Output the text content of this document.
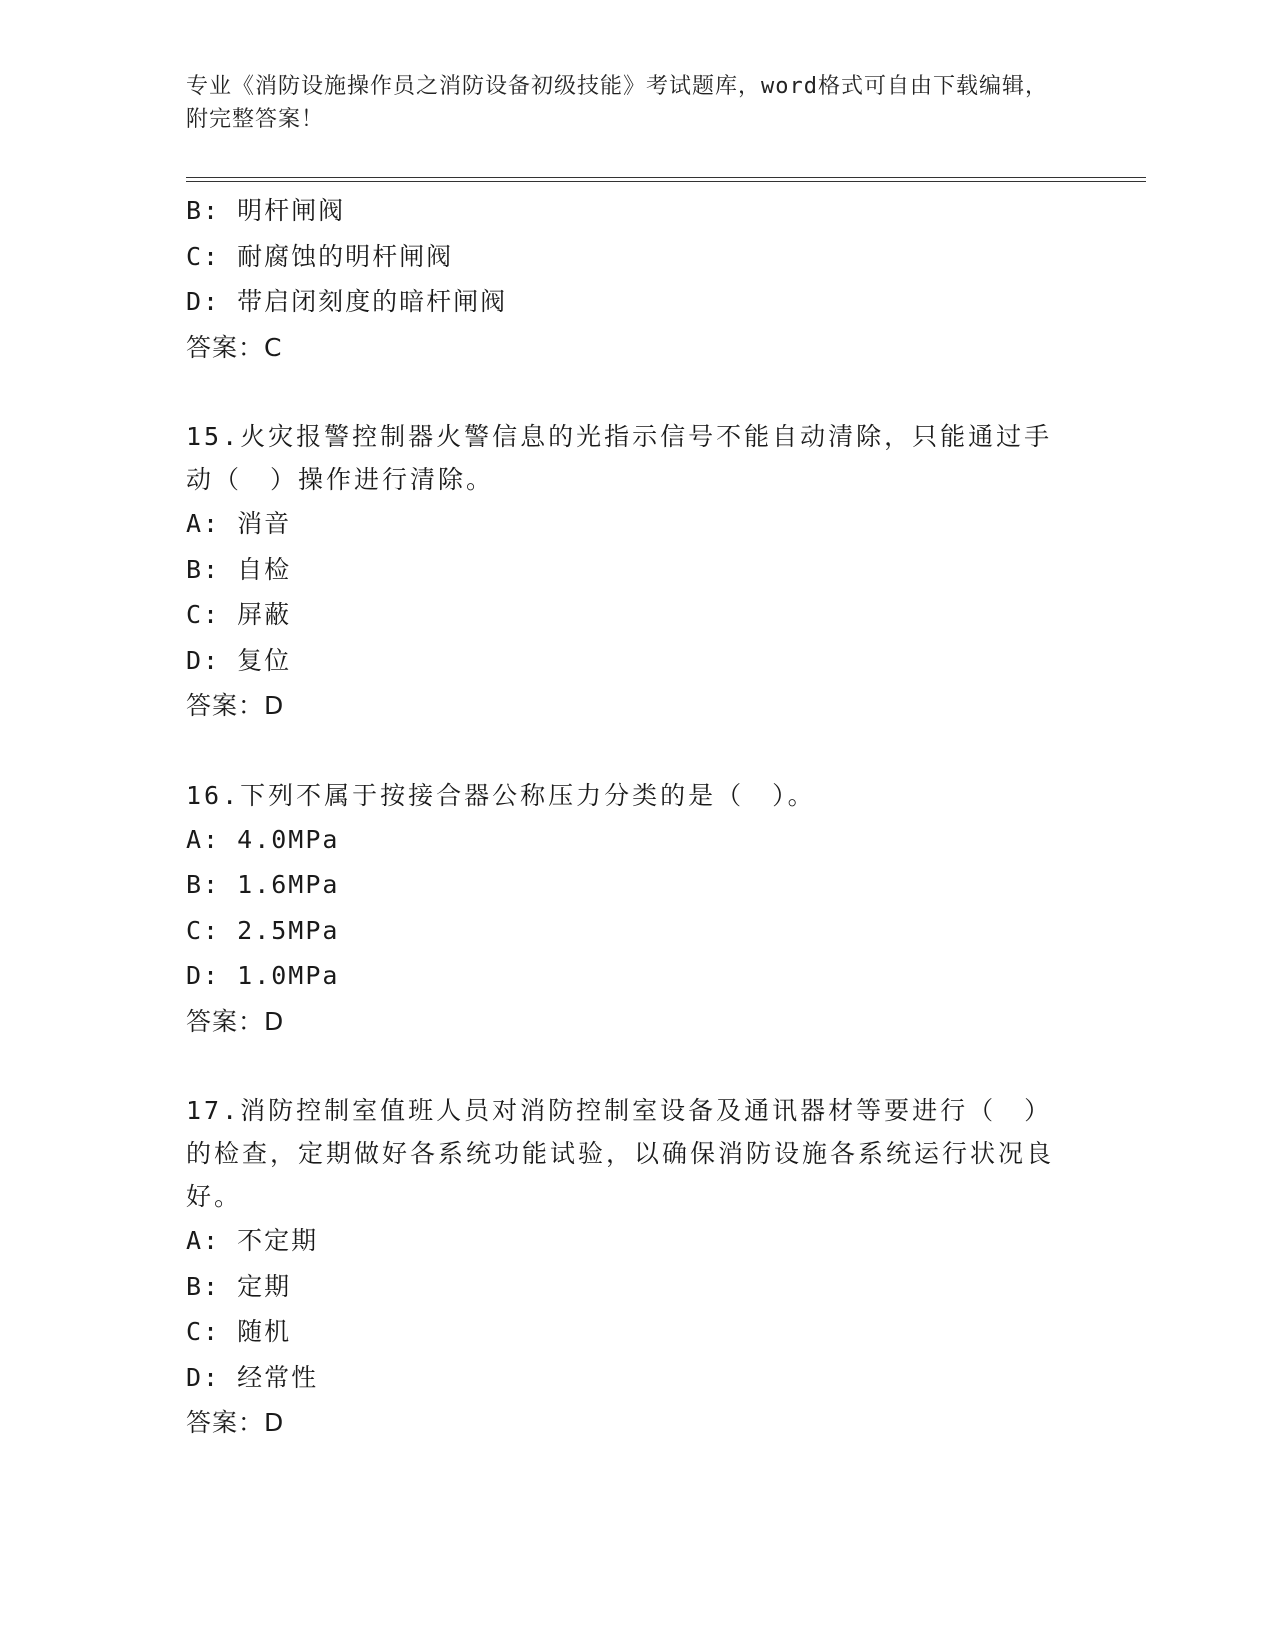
专业《消防设施操作员之消防设备初级技能》考试题库，word格式可自由下载编辑，附完整答案！
B: 明杆闸阀
C: 耐腐蚀的明杆闸阀
D: 带启闭刻度的暗杆闸阀
答案：C
15.火灾报警控制器火警信息的光指示信号不能自动清除，只能通过手动（　）操作进行清除。
A: 消音
B: 自检
C: 屏蔽
D: 复位
答案：D
16.下列不属于按接合器公称压力分类的是（　）。
A: 4.0MPa
B: 1.6MPa
C: 2.5MPa
D: 1.0MPa
答案：D
17.消防控制室值班人员对消防控制室设备及通讯器材等要进行（　）的检查，定期做好各系统功能试验，以确保消防设施各系统运行状况良好。
A: 不定期
B: 定期
C: 随机
D: 经常性
答案：D
